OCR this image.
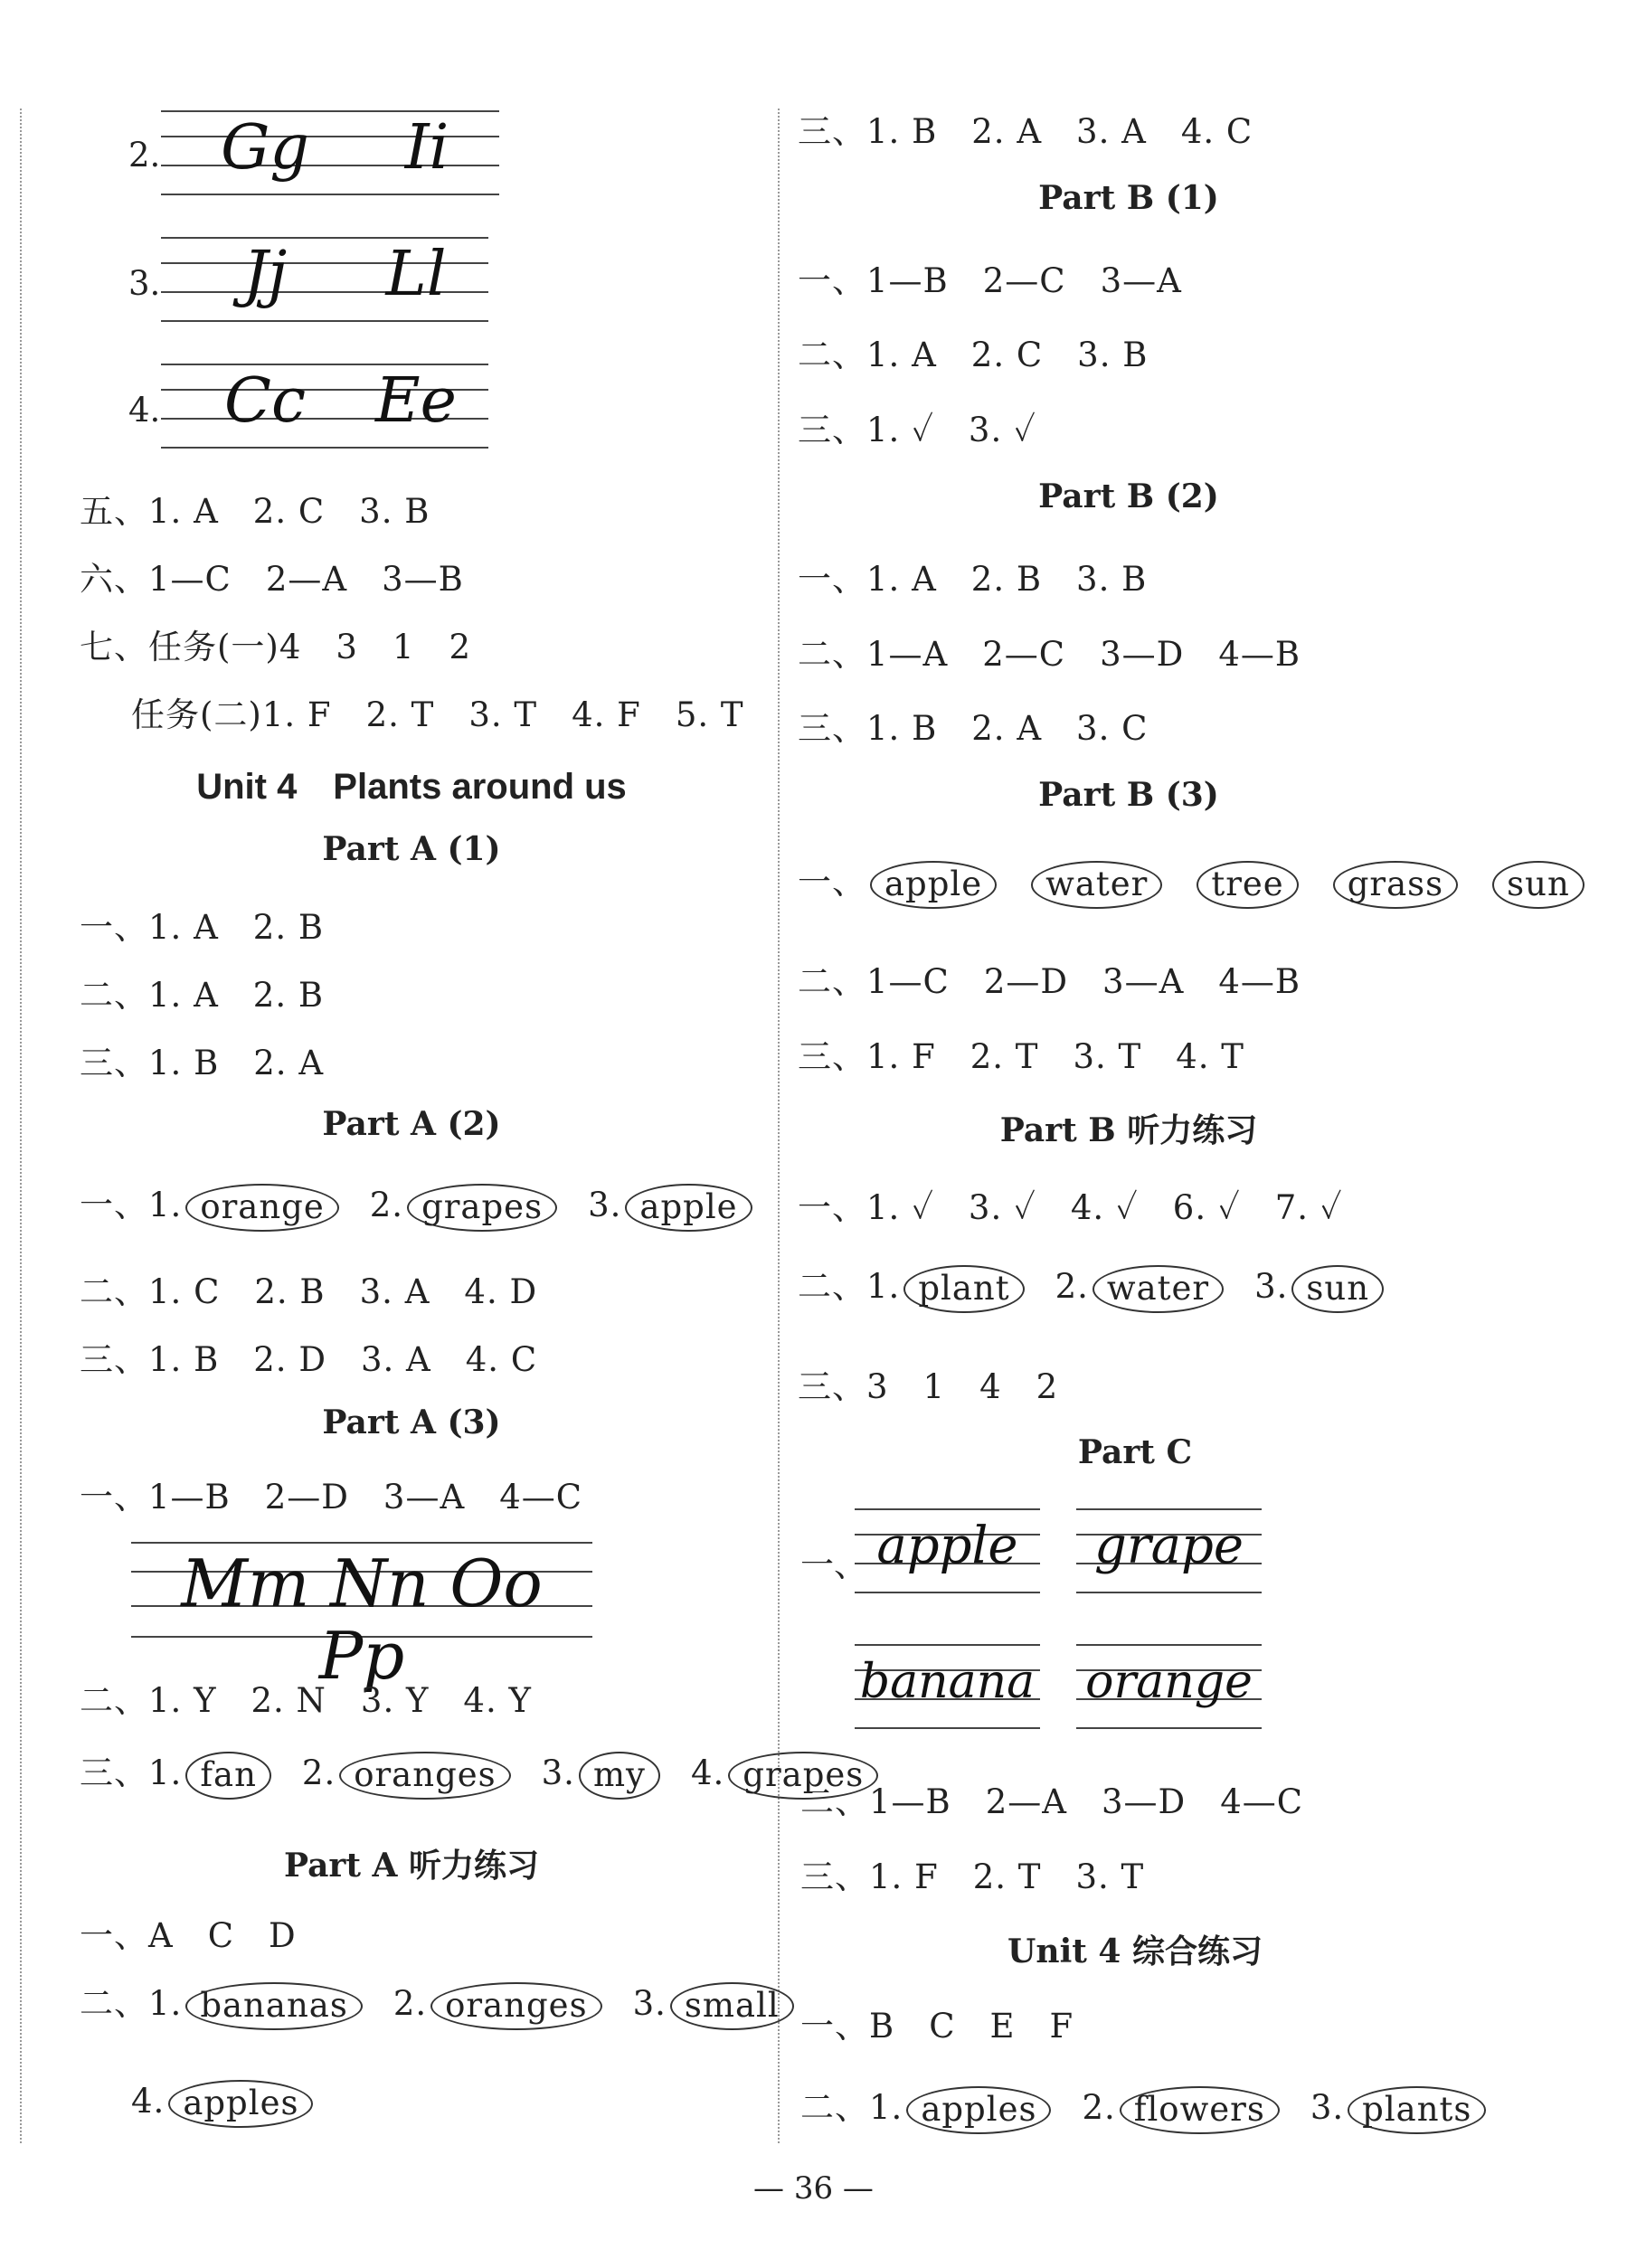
2. Gg	Ii
3.	Jj	Ll
4.	Cc	Ee
五、1. A　2. C　3. B
六、1—C　2—A　3—B
七、任务(一)4　3　1　2
任务(二)1. F　2. T　3. T　4. F　5. T
Unit 4　Plants around us
Part A (1)
一、1. A　2. B
二、1. A　2. B
三、1. B　2. A
Part A (2)
一、1. orange 2. grapes 3. apple
二、1. C　2. B　3. A　4. D
三、1. B　2. D　3. A　4. C
Part A (3)
一、1—B　2—D　3—A　4—C
Mm Nn Oo Pp
二、1. Y　2. N　3. Y　4. Y
三、1. fan 2. oranges 3. my 4. grapes
Part A 听力练习
一、A　C　D
二、1. bananas 2. oranges 3. small
4. apples
三、1. B　2. A　3. A　4. C
Part B (1)
一、1—B　2—C　3—A
二、1. A　2. C　3. B
三、1. ✓　3. ✓
Part B (2)
一、1. A　2. B　3. B
二、1—A　2—C　3—D　4—B
三、1. B　2. A　3. C
Part B (3)
一、 apple water tree grass sun
二、1—C　2—D　3—A　4—B
三、1. F　2. T　3. T　4. T
Part B 听力练习
一、1. ✓　3. ✓　4. ✓　6. ✓　7. ✓
二、1. plant 2. water 3. sun
三、3　1　4　2
Part C
一、 apple	grape
banana orange
二、1—B　2—A　3—D　4—C
三、1. F　2. T　3. T
Unit 4 综合练习
一、B　C　E　F
二、1. apples 2. flowers 3. plants
— 36 —
